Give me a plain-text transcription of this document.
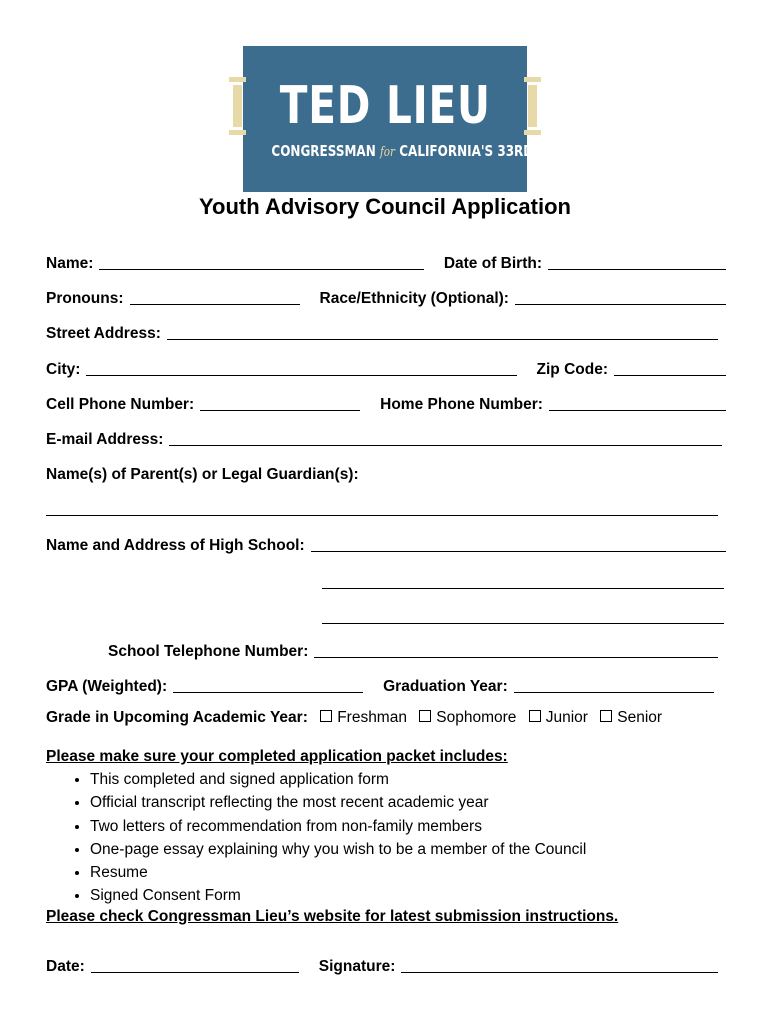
TED LIEU
CONGRESSMAN for CALIFORNIA'S 33RD DISTRICT
Youth Advisory Council Application
Name:	Date of Birth:
Pronouns:	Race/Ethnicity (Optional):
Street Address:
City:	Zip Code:
Cell Phone Number:	Home Phone Number:
E-mail Address:
Name(s) of Parent(s) or Legal Guardian(s):
Name and Address of High School:
School Telephone Number:
GPA (Weighted):	Graduation Year:
Grade in Upcoming Academic Year: Freshman Sophomore Junior Senior
Please make sure your completed application packet includes:
• This completed and signed application form
• Official transcript reflecting the most recent academic year
• Two letters of recommendation from non-family members
• One-page essay explaining why you wish to be a member of the Council
• Resume
• Signed Consent Form
Please check Congressman Lieu’s website for latest submission instructions.
Date:	Signature:
